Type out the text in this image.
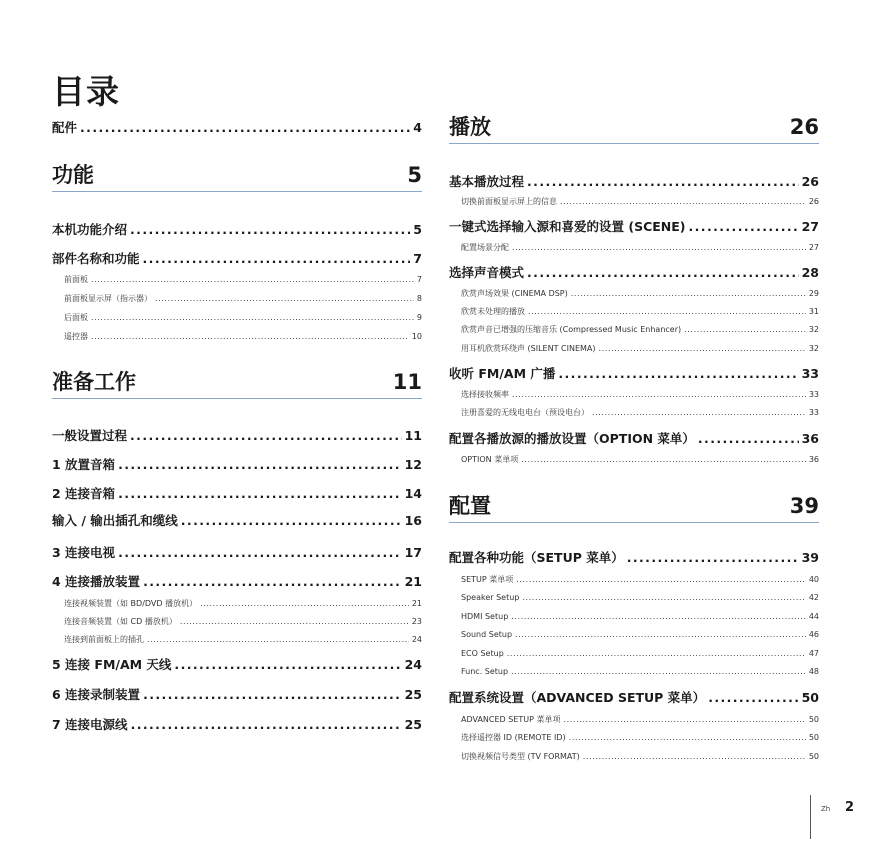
目录
配件 .....	4
功能	5
本机功能介绍 .....	5
部件名称和功能 .....	7
前面板 .....	7
前面板显示屏（指示器） .....	8
后面板 .....	9
遥控器 .....	10
准备工作	11
一般设置过程 .....	11
1 放置音箱 .....	12
2 连接音箱 .....	14
输入 / 输出插孔和缆线 .....	16
3 连接电视 .....	17
4 连接播放装置 .....	21
连接视频装置（如 BD/DVD 播放机） .....	21
连接音频装置（如 CD 播放机） .....	23
连接到前面板上的插孔 .....	24
5 连接 FM/AM 天线 .....	24
6 连接录制装置 .....	25
7 连接电源线 .....	25
播放	26
基本播放过程 .....	26
切换前面板显示屏上的信息 .....	26
一键式选择输入源和喜爱的设置 (SCENE) .....	27
配置场景分配 .....	27
选择声音模式 .....	28
欣赏声场效果 (CINEMA DSP) .....	29
欣赏未处理的播放 .....	31
欣赏声音已增强的压缩音乐 (Compressed Music Enhancer) .....	32
用耳机欣赏环绕声 (SILENT CINEMA) .....	32
收听 FM/AM 广播 .....	33
选择接收频率 .....	33
注册喜爱的无线电电台（预设电台） .....	33
配置各播放源的播放设置（OPTION 菜单） .....	36
OPTION 菜单项 .....	36
配置	39
配置各种功能（SETUP 菜单） .....	39
SETUP 菜单项 .....	40
Speaker Setup .....	42
HDMI Setup .....	44
Sound Setup .....	46
ECO Setup .....	47
Func. Setup .....	48
配置系统设置（ADVANCED SETUP 菜单） .....	50
ADVANCED SETUP 菜单项 .....	50
选择遥控器 ID (REMOTE ID) .....	50
切换视频信号类型 (TV FORMAT) .....	50
Zh 2
